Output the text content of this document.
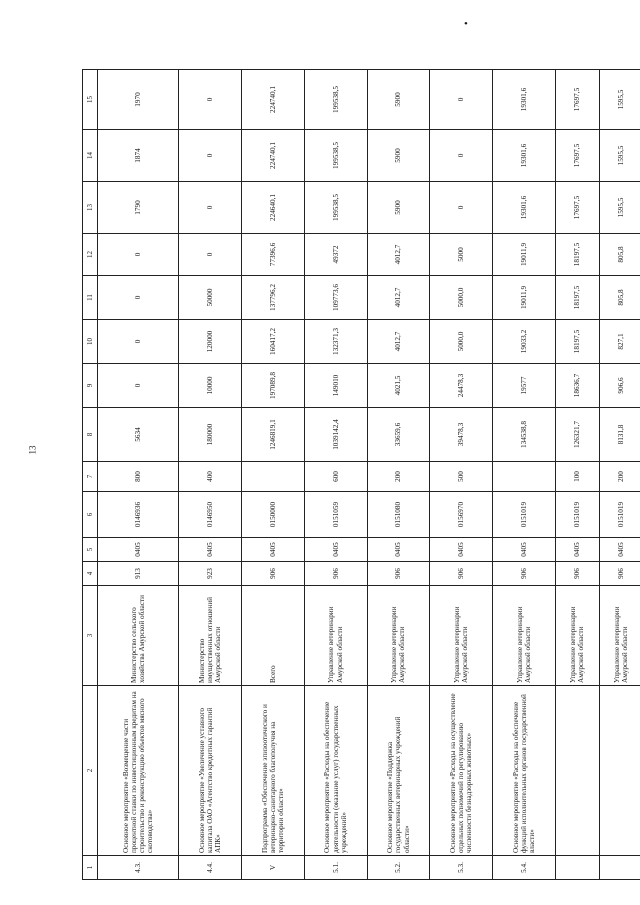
13
•
1	2	3	4	5	6	7	8	9	10	11	12	13	14	15
4.3.	Основное мероприятие «Возмещение части процентной ставки по инвестиционным кредитам на строительство и реконструкцию объектов мясного скотоводства»	Министерство сельского хозяйства Амурской области	913	0405	0146936	800	5634	0	0	0	0	1790	1874	1970
4.4.	Основное мероприятие «Увеличение уставного капитала ОАО «Агентство кредитных гарантий АПК»	Министерство имущественных отношений Амурской области	923	0405	0146950	400	180000	10000	120000	50000	0	0	0	0
V	Подпрограмма «Обеспечение эпизоотического и ветеринарно-санитарного благополучия на территории области»	Всего	906	0405	0150000		1246819,1	197089,8	160417,2	137796,2	77396,6	224640,1	224740,1	224740,1
5.1.	Основное мероприятие «Расходы на обеспечение деятельности (оказание услуг) государственных учреждений»	Управление ветеринарии Амурской области	906	0405	0151059	600	1039142,4	149010	132371,3	109773,6	49372	199538,5	199538,5	199538,5
5.2.	Основное мероприятие «Поддержка государственных ветеринарных учреждений области»	Управление ветеринарии Амурской области	906	0405	0151080	200	33659,6	4021,5	4012,7	4012,7	4012,7	5900	5900	5900
5.3.	Основное мероприятие «Расходы на осуществление отдельных полномочий по регулированию численности безнадзорных животных»	Управление ветеринарии Амурской области	906	0405	0156970	500	39478,3	24478,3	5000,0	5000,0	5000	0	0	0
5.4.	Основное мероприятие «Расходы на обеспечение функций исполнительных органов государственной власти»	Управление ветеринарии Амурской области	906	0405	0151019		134538,8	19577	19033,2	19011,9	19011,9	19301,6	19301,6	19301,6
		Управление ветеринарии Амурской области	906	0405	0151019	100	126321,7	18636,7	18197,5	18197,5	18197,5	17697,5	17697,5	17697,5
		Управление ветеринарии Амурской области	906	0405	0151019	200	8131,8	906,6	827,1	805,8	805,8	1595,5	1595,5	1595,5
